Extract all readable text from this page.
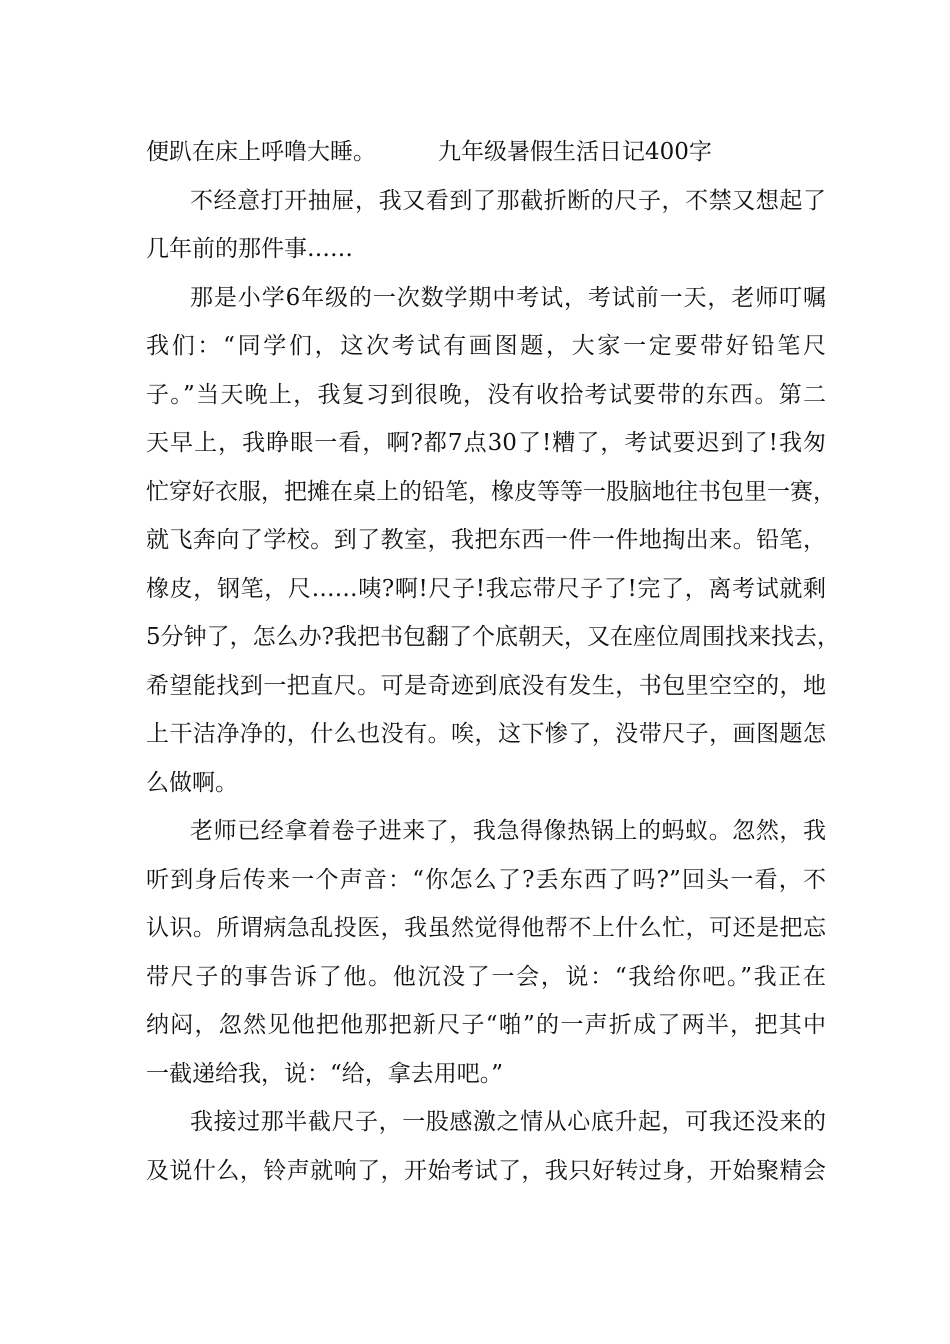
便趴在床上呼噜大睡。	九年级暑假生活日记400字
不经意打开抽屉，我又看到了那截折断的尺子，不禁又想起了
几年前的那件事……
那是小学6年级的一次数学期中考试，考试前一天，老师叮嘱
我们：“同学们，这次考试有画图题，大家一定要带好铅笔尺
子。”当天晚上，我复习到很晚，没有收拾考试要带的东西。第二
天早上，我睁眼一看，啊?都7点30了!糟了，考试要迟到了!我匆
忙穿好衣服，把摊在桌上的铅笔，橡皮等等一股脑地往书包里一赛，
就飞奔向了学校。到了教室，我把东西一件一件地掏出来。铅笔，
橡皮，钢笔，尺……咦?啊!尺子!我忘带尺子了!完了，离考试就剩
5分钟了，怎么办?我把书包翻了个底朝天，又在座位周围找来找去，
希望能找到一把直尺。可是奇迹到底没有发生，书包里空空的，地
上干洁净净的，什么也没有。唉，这下惨了，没带尺子，画图题怎
么做啊。
老师已经拿着卷子进来了，我急得像热锅上的蚂蚁。忽然，我
听到身后传来一个声音：“你怎么了?丢东西了吗?”回头一看，不
认识。所谓病急乱投医，我虽然觉得他帮不上什么忙，可还是把忘
带尺子的事告诉了他。他沉没了一会，说：“我给你吧。”我正在
纳闷，忽然见他把他那把新尺子“啪”的一声折成了两半，把其中
一截递给我，说：“给，拿去用吧。”
我接过那半截尺子，一股感激之情从心底升起，可我还没来的
及说什么，铃声就响了，开始考试了，我只好转过身，开始聚精会
